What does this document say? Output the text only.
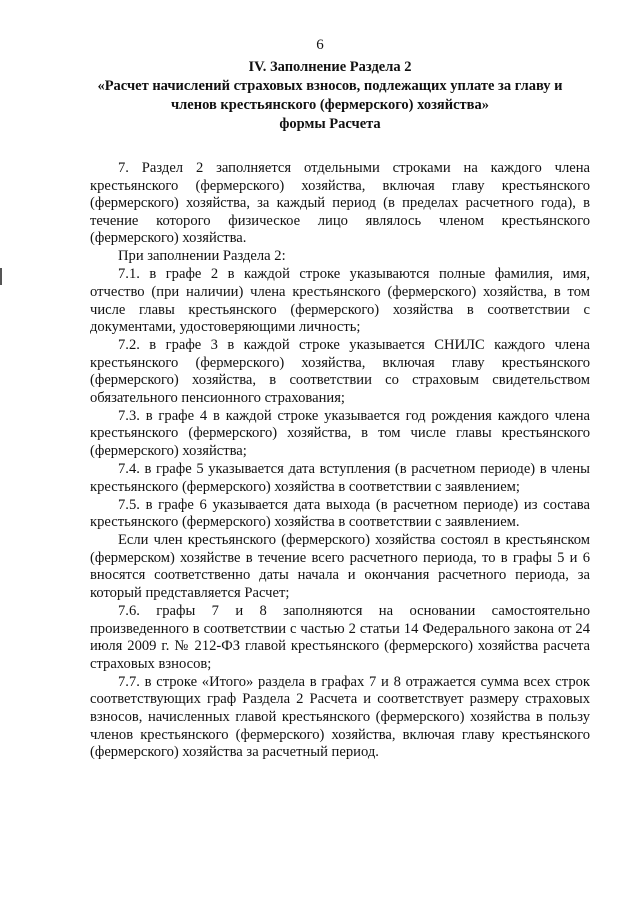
6
IV. Заполнение Раздела 2
«Расчет начислений страховых взносов, подлежащих уплате за главу и
членов крестьянского (фермерского) хозяйства»
формы Расчета

7. Раздел 2 заполняется отдельными строками на каждого члена крестьянского (фермерского) хозяйства, включая главу крестьянского (фермерского) хозяйства, за каждый период (в пределах расчетного года), в течение которого физическое лицо являлось членом крестьянского (фермерского) хозяйства.

При заполнении Раздела 2:

7.1. в графе 2 в каждой строке указываются полные фамилия, имя, отчество (при наличии) члена крестьянского (фермерского) хозяйства, в том числе главы крестьянского (фермерского) хозяйства в соответствии с документами, удостоверяющими личность;

7.2. в графе 3 в каждой строке указывается СНИЛС каждого члена крестьянского (фермерского) хозяйства, включая главу крестьянского (фермерского) хозяйства, в соответствии со страховым свидетельством обязательного пенсионного страхования;

7.3. в графе 4 в каждой строке указывается год рождения каждого члена крестьянского (фермерского) хозяйства, в том числе главы крестьянского (фермерского) хозяйства;

7.4. в графе 5 указывается дата вступления (в расчетном периоде) в члены крестьянского (фермерского) хозяйства в соответствии с заявлением;

7.5. в графе 6 указывается дата выхода (в расчетном периоде) из состава крестьянского (фермерского) хозяйства в соответствии с заявлением.

Если член крестьянского (фермерского) хозяйства состоял в крестьянском (фермерском) хозяйстве в течение всего расчетного периода, то в графы 5 и 6 вносятся соответственно даты начала и окончания расчетного периода, за который представляется Расчет;

7.6. графы 7 и 8 заполняются на основании самостоятельно произведенного в соответствии с частью 2 статьи 14 Федерального закона от 24 июля 2009 г. № 212-ФЗ главой крестьянского (фермерского) хозяйства расчета страховых взносов;

7.7. в строке «Итого» раздела в графах 7 и 8 отражается сумма всех строк соответствующих граф Раздела 2 Расчета и соответствует размеру страховых взносов, начисленных главой крестьянского (фермерского) хозяйства в пользу членов крестьянского (фермерского) хозяйства, включая главу крестьянского (фермерского) хозяйства за расчетный период.
